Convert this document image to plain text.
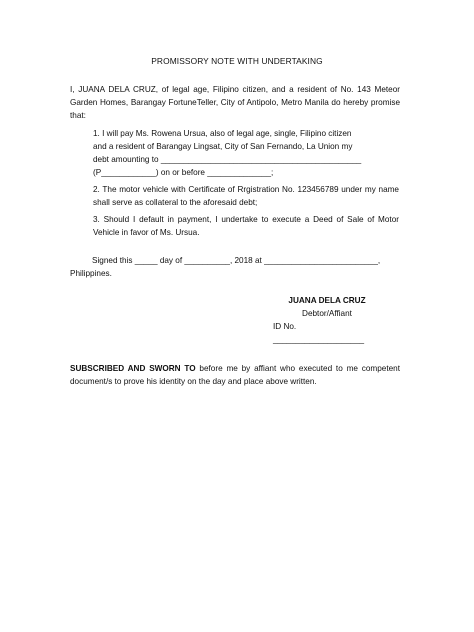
PROMISSORY NOTE WITH UNDERTAKING
I, JUANA DELA CRUZ, of legal age, Filipino citizen, and a resident of No. 143 Meteor Garden Homes, Barangay FortuneTeller, City of Antipolo, Metro Manila do hereby promise that:
1. I will pay Ms. Rowena Ursua, also of legal age, single, Filipino citizen
and a resident of Barangay Lingsat, City of San Fernando, La Union my
debt amounting to ____________________________________________
(P____________) on or before ______________;
2. The motor vehicle with Certificate of Rrgistration No. 123456789 under my name shall serve as collateral to the aforesaid debt;
3. Should I default in payment, I undertake to execute a Deed of Sale of Motor Vehicle in favor of Ms. Ursua.
Signed this _____ day of __________, 2018 at _________________________,
Philippines.
JUANA DELA CRUZ
Debtor/Affiant
ID No. ____________________
SUBSCRIBED AND SWORN TO before me by affiant who executed to me competent document/s to prove his identity on the day and place above written.
